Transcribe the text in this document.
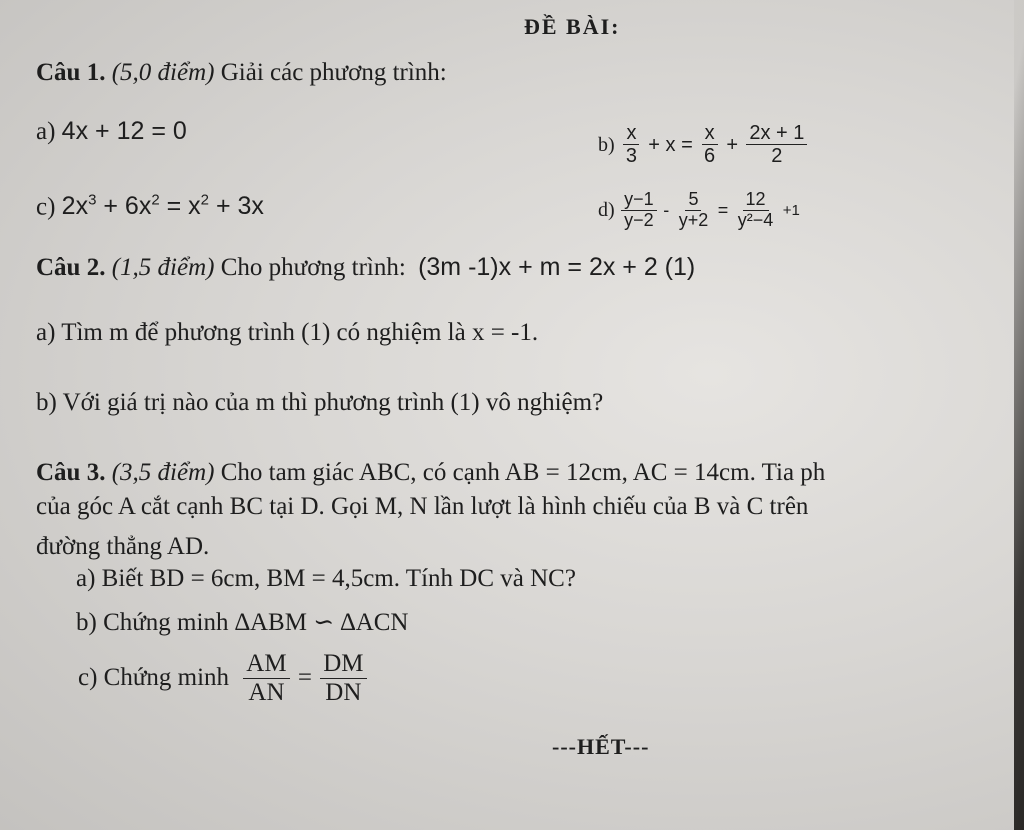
ĐỀ BÀI:
Câu 1. (5,0 điểm) Giải các phương trình:
a) 4x + 12 = 0	$b) \frac{x}{3} + x = \frac{x}{6} + \frac{2x + 1}{2}$
c) $2x^3 + 6x^2 = x^2 + 3x$	$d) \frac{y-1}{y-2} - \frac{5}{y+2} = \frac{12}{\text{y²−4}} +1$
Câu 2. (1,5 điểm) Cho phương trình: (3m -1)x + m = 2x + 2 (1)
a) Tìm m để phương trình (1) có nghiệm là x = -1.
b) Với giá trị nào của m thì phương trình (1) vô nghiệm?
Câu 3. (3,5 điểm) Cho tam giác ABC, có cạnh AB = 12cm, AC = 14cm. Tia ph
của góc A cắt cạnh BC tại D. Gọi M, N lần lượt là hình chiếu của B và C trên
đường thẳng AD.
a) Biết BD = 6cm, BM = 4,5cm. Tính DC và NC?
b) Chứng minh ∆ABM ∽ ∆ACN
c) Chứng minh $\frac{AM}{AN} = \frac{DM}{DN}$
---HẾT---
